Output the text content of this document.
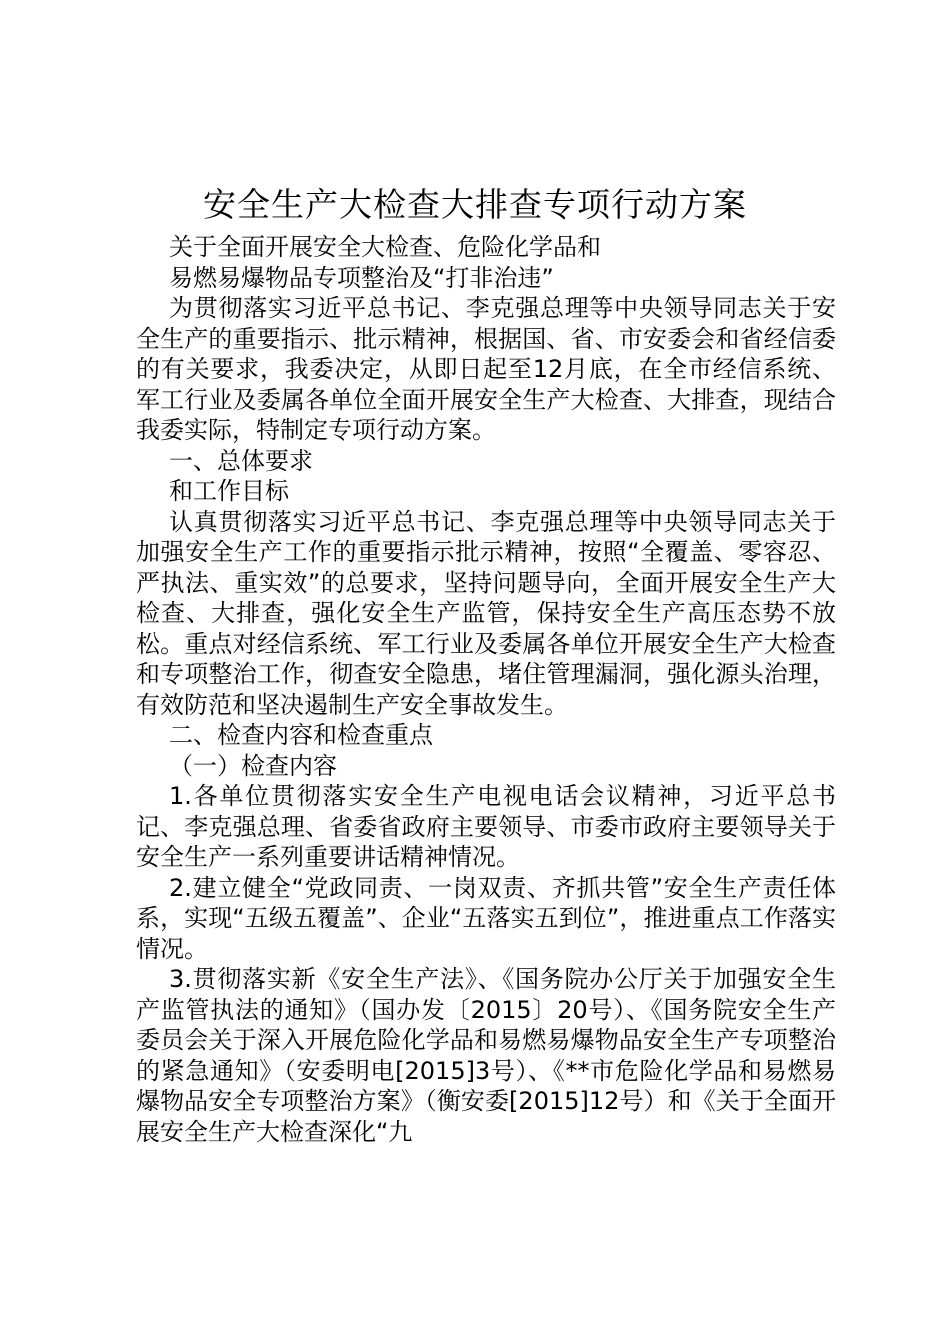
安全生产大检查大排查专项行动方案

关于全面开展安全大检查、危险化学品和

易燃易爆物品专项整治及“打非治违”

为贯彻落实习近平总书记、李克强总理等中央领导同志关于安全生产的重要指示、批示精神，根据国、省、市安委会和省经信委的有关要求，我委决定，从即日起至12月底，在全市经信系统、军工行业及委属各单位全面开展安全生产大检查、大排查，现结合我委实际，特制定专项行动方案。

一、总体要求

和工作目标

认真贯彻落实习近平总书记、李克强总理等中央领导同志关于加强安全生产工作的重要指示批示精神，按照“全覆盖、零容忍、严执法、重实效”的总要求，坚持问题导向，全面开展安全生产大检查、大排查，强化安全生产监管，保持安全生产高压态势不放松。重点对经信系统、军工行业及委属各单位开展安全生产大检查和专项整治工作，彻查安全隐患，堵住管理漏洞，强化源头治理，有效防范和坚决遏制生产安全事故发生。

二、检查内容和检查重点

（一）检查内容

1.各单位贯彻落实安全生产电视电话会议精神，习近平总书记、李克强总理、省委省政府主要领导、市委市政府主要领导关于安全生产一系列重要讲话精神情况。

2.建立健全“党政同责、一岗双责、齐抓共管”安全生产责任体系，实现“五级五覆盖”、企业“五落实五到位”，推进重点工作落实情况。

3.贯彻落实新《安全生产法》、《国务院办公厅关于加强安全生产监管执法的通知》（国办发〔2015〕20号）、《国务院安全生产委员会关于深入开展危险化学品和易燃易爆物品安全生产专项整治的紧急通知》（安委明电[2015]3号）、《**市危险化学品和易燃易爆物品安全专项整治方案》（衡安委[2015]12号）和《关于全面开展安全生产大检查深化“九
